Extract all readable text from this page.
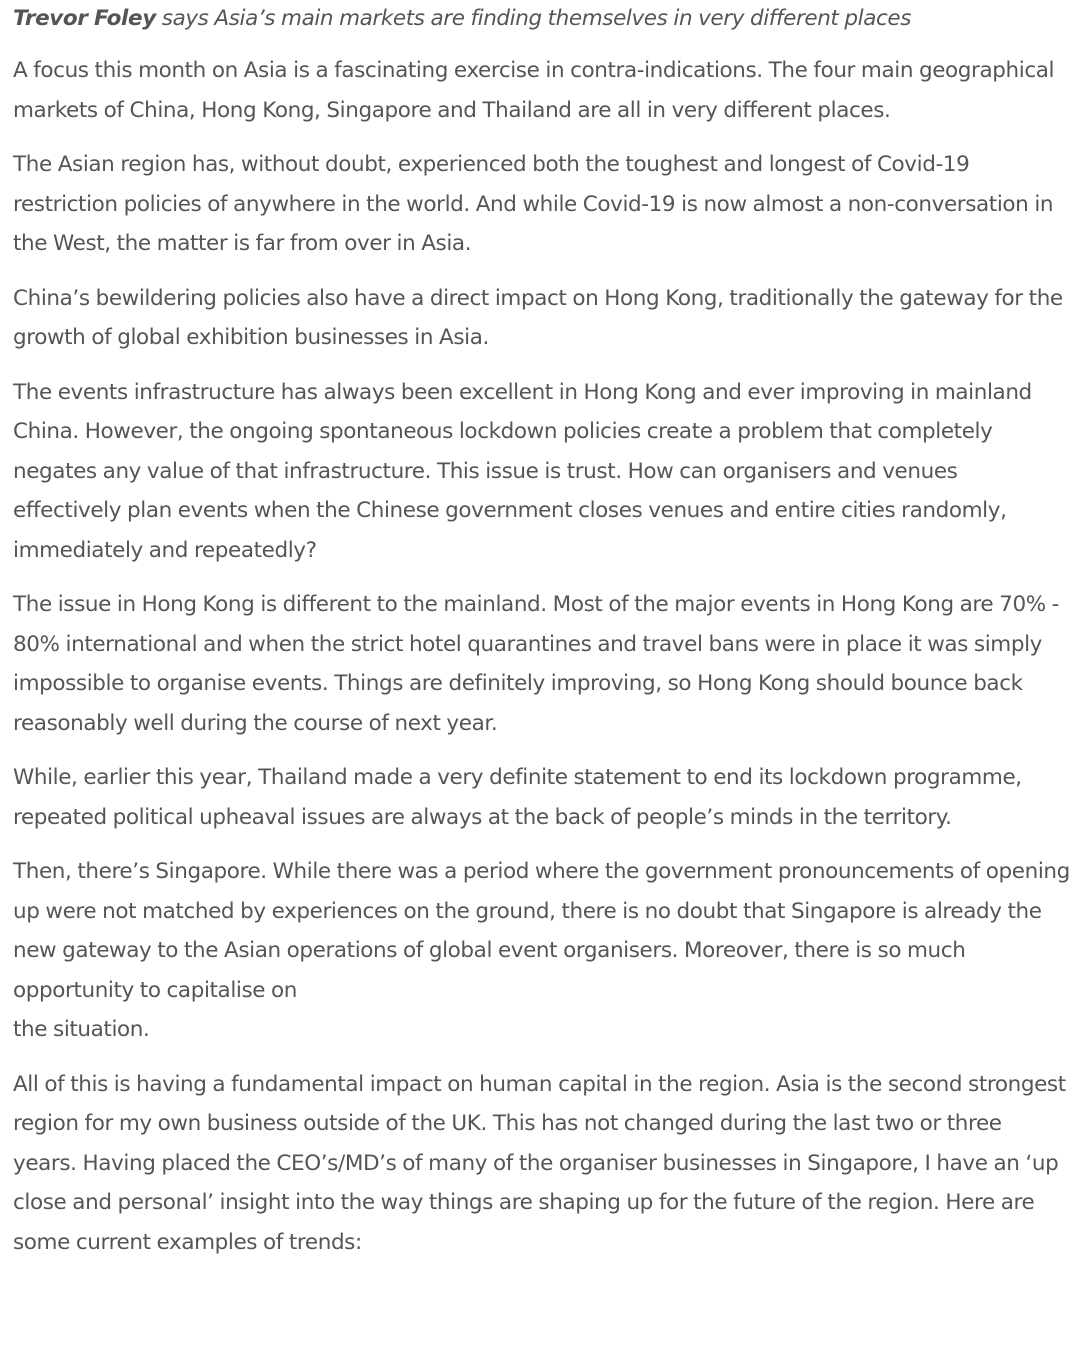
Trevor Foley says Asia’s main markets are finding themselves in very different places

A focus this month on Asia is a fascinating exercise in contra-indications. The four main geographical markets of China, Hong Kong, Singapore and Thailand are all in very different places.

The Asian region has, without doubt, experienced both the toughest and longest of Covid-19 restriction policies of anywhere in the world. And while Covid-19 is now almost a non-conversation in the West, the matter is far from over in Asia.

China’s bewildering policies also have a direct impact on Hong Kong, traditionally the gateway for the growth of global exhibition businesses in Asia.

The events infrastructure has always been excellent in Hong Kong and ever improving in mainland China. However, the ongoing spontaneous lockdown policies create a problem that completely negates any value of that infrastructure. This issue is trust. How can organisers and venues effectively plan events when the Chinese government closes venues and entire cities randomly, immediately and repeatedly?

The issue in Hong Kong is different to the mainland. Most of the major events in Hong Kong are 70% - 80% international and when the strict hotel quarantines and travel bans were in place it was simply impossible to organise events. Things are definitely improving, so Hong Kong should bounce back reasonably well during the course of next year.

While, earlier this year, Thailand made a very definite statement to end its lockdown programme, repeated political upheaval issues are always at the back of people’s minds in the territory.

Then, there’s Singapore. While there was a period where the government pronouncements of opening up were not matched by experiences on the ground, there is no doubt that Singapore is already the new gateway to the Asian operations of global event organisers. Moreover, there is so much opportunity to capitalise on
the situation.

All of this is having a fundamental impact on human capital in the region. Asia is the second strongest region for my own business outside of the UK. This has not changed during the last two or three years. Having placed the CEO’s/MD’s of many of the organiser businesses in Singapore, I have an ‘up close and personal’ insight into the way things are shaping up for the future of the region. Here are some current examples of trends:
